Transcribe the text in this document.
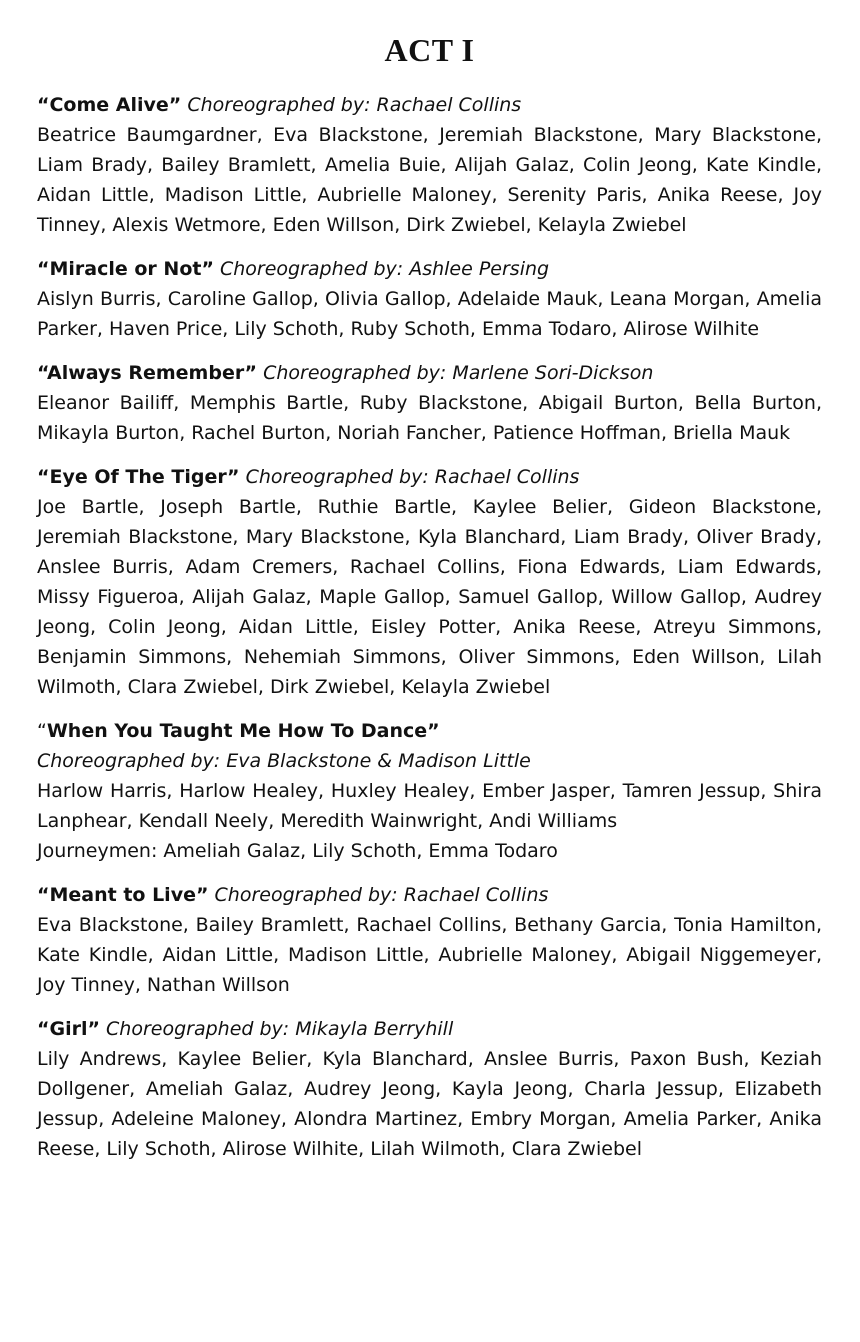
ACT I

“Come Alive” Choreographed by: Rachael Collins

Beatrice Baumgardner, Eva Blackstone, Jeremiah Blackstone, Mary Blackstone, Liam Brady, Bailey Bramlett, Amelia Buie, Alijah Galaz, Colin Jeong, Kate Kindle, Aidan Little, Madison Little, Aubrielle Maloney, Serenity Paris, Anika Reese, Joy Tinney, Alexis Wetmore, Eden Willson, Dirk Zwiebel, Kelayla Zwiebel

“Miracle or Not” Choreographed by: Ashlee Persing

Aislyn Burris, Caroline Gallop, Olivia Gallop, Adelaide Mauk, Leana Morgan, Amelia Parker, Haven Price, Lily Schoth, Ruby Schoth, Emma Todaro, Alirose Wilhite

“Always Remember” Choreographed by: Marlene Sori-Dickson

Eleanor Bailiff, Memphis Bartle, Ruby Blackstone, Abigail Burton, Bella Burton, Mikayla Burton, Rachel Burton, Noriah Fancher, Patience Hoffman, Briella Mauk

“Eye Of The Tiger” Choreographed by: Rachael Collins

Joe Bartle, Joseph Bartle, Ruthie Bartle, Kaylee Belier, Gideon Blackstone, Jeremiah Blackstone, Mary Blackstone, Kyla Blanchard, Liam Brady, Oliver Brady, Anslee Burris, Adam Cremers, Rachael Collins, Fiona Edwards, Liam Edwards, Missy Figueroa, Alijah Galaz, Maple Gallop, Samuel Gallop, Willow Gallop, Audrey Jeong, Colin Jeong, Aidan Little, Eisley Potter, Anika Reese, Atreyu Simmons, Benjamin Simmons, Nehemiah Simmons, Oliver Simmons, Eden Willson, Lilah Wilmoth, Clara Zwiebel, Dirk Zwiebel, Kelayla Zwiebel

“When You Taught Me How To Dance”

Choreographed by: Eva Blackstone & Madison Little

Harlow Harris, Harlow Healey, Huxley Healey, Ember Jasper, Tamren Jessup, Shira Lanphear, Kendall Neely, Meredith Wainwright, Andi Williams

Journeymen: Ameliah Galaz, Lily Schoth, Emma Todaro

“Meant to Live” Choreographed by: Rachael Collins

Eva Blackstone, Bailey Bramlett, Rachael Collins, Bethany Garcia, Tonia Hamilton, Kate Kindle, Aidan Little, Madison Little, Aubrielle Maloney, Abigail Niggemeyer, Joy Tinney, Nathan Willson

“Girl” Choreographed by: Mikayla Berryhill

Lily Andrews, Kaylee Belier, Kyla Blanchard, Anslee Burris, Paxon Bush, Keziah Dollgener, Ameliah Galaz, Audrey Jeong, Kayla Jeong, Charla Jessup, Elizabeth Jessup, Adeleine Maloney, Alondra Martinez, Embry Morgan, Amelia Parker, Anika Reese, Lily Schoth, Alirose Wilhite, Lilah Wilmoth, Clara Zwiebel
